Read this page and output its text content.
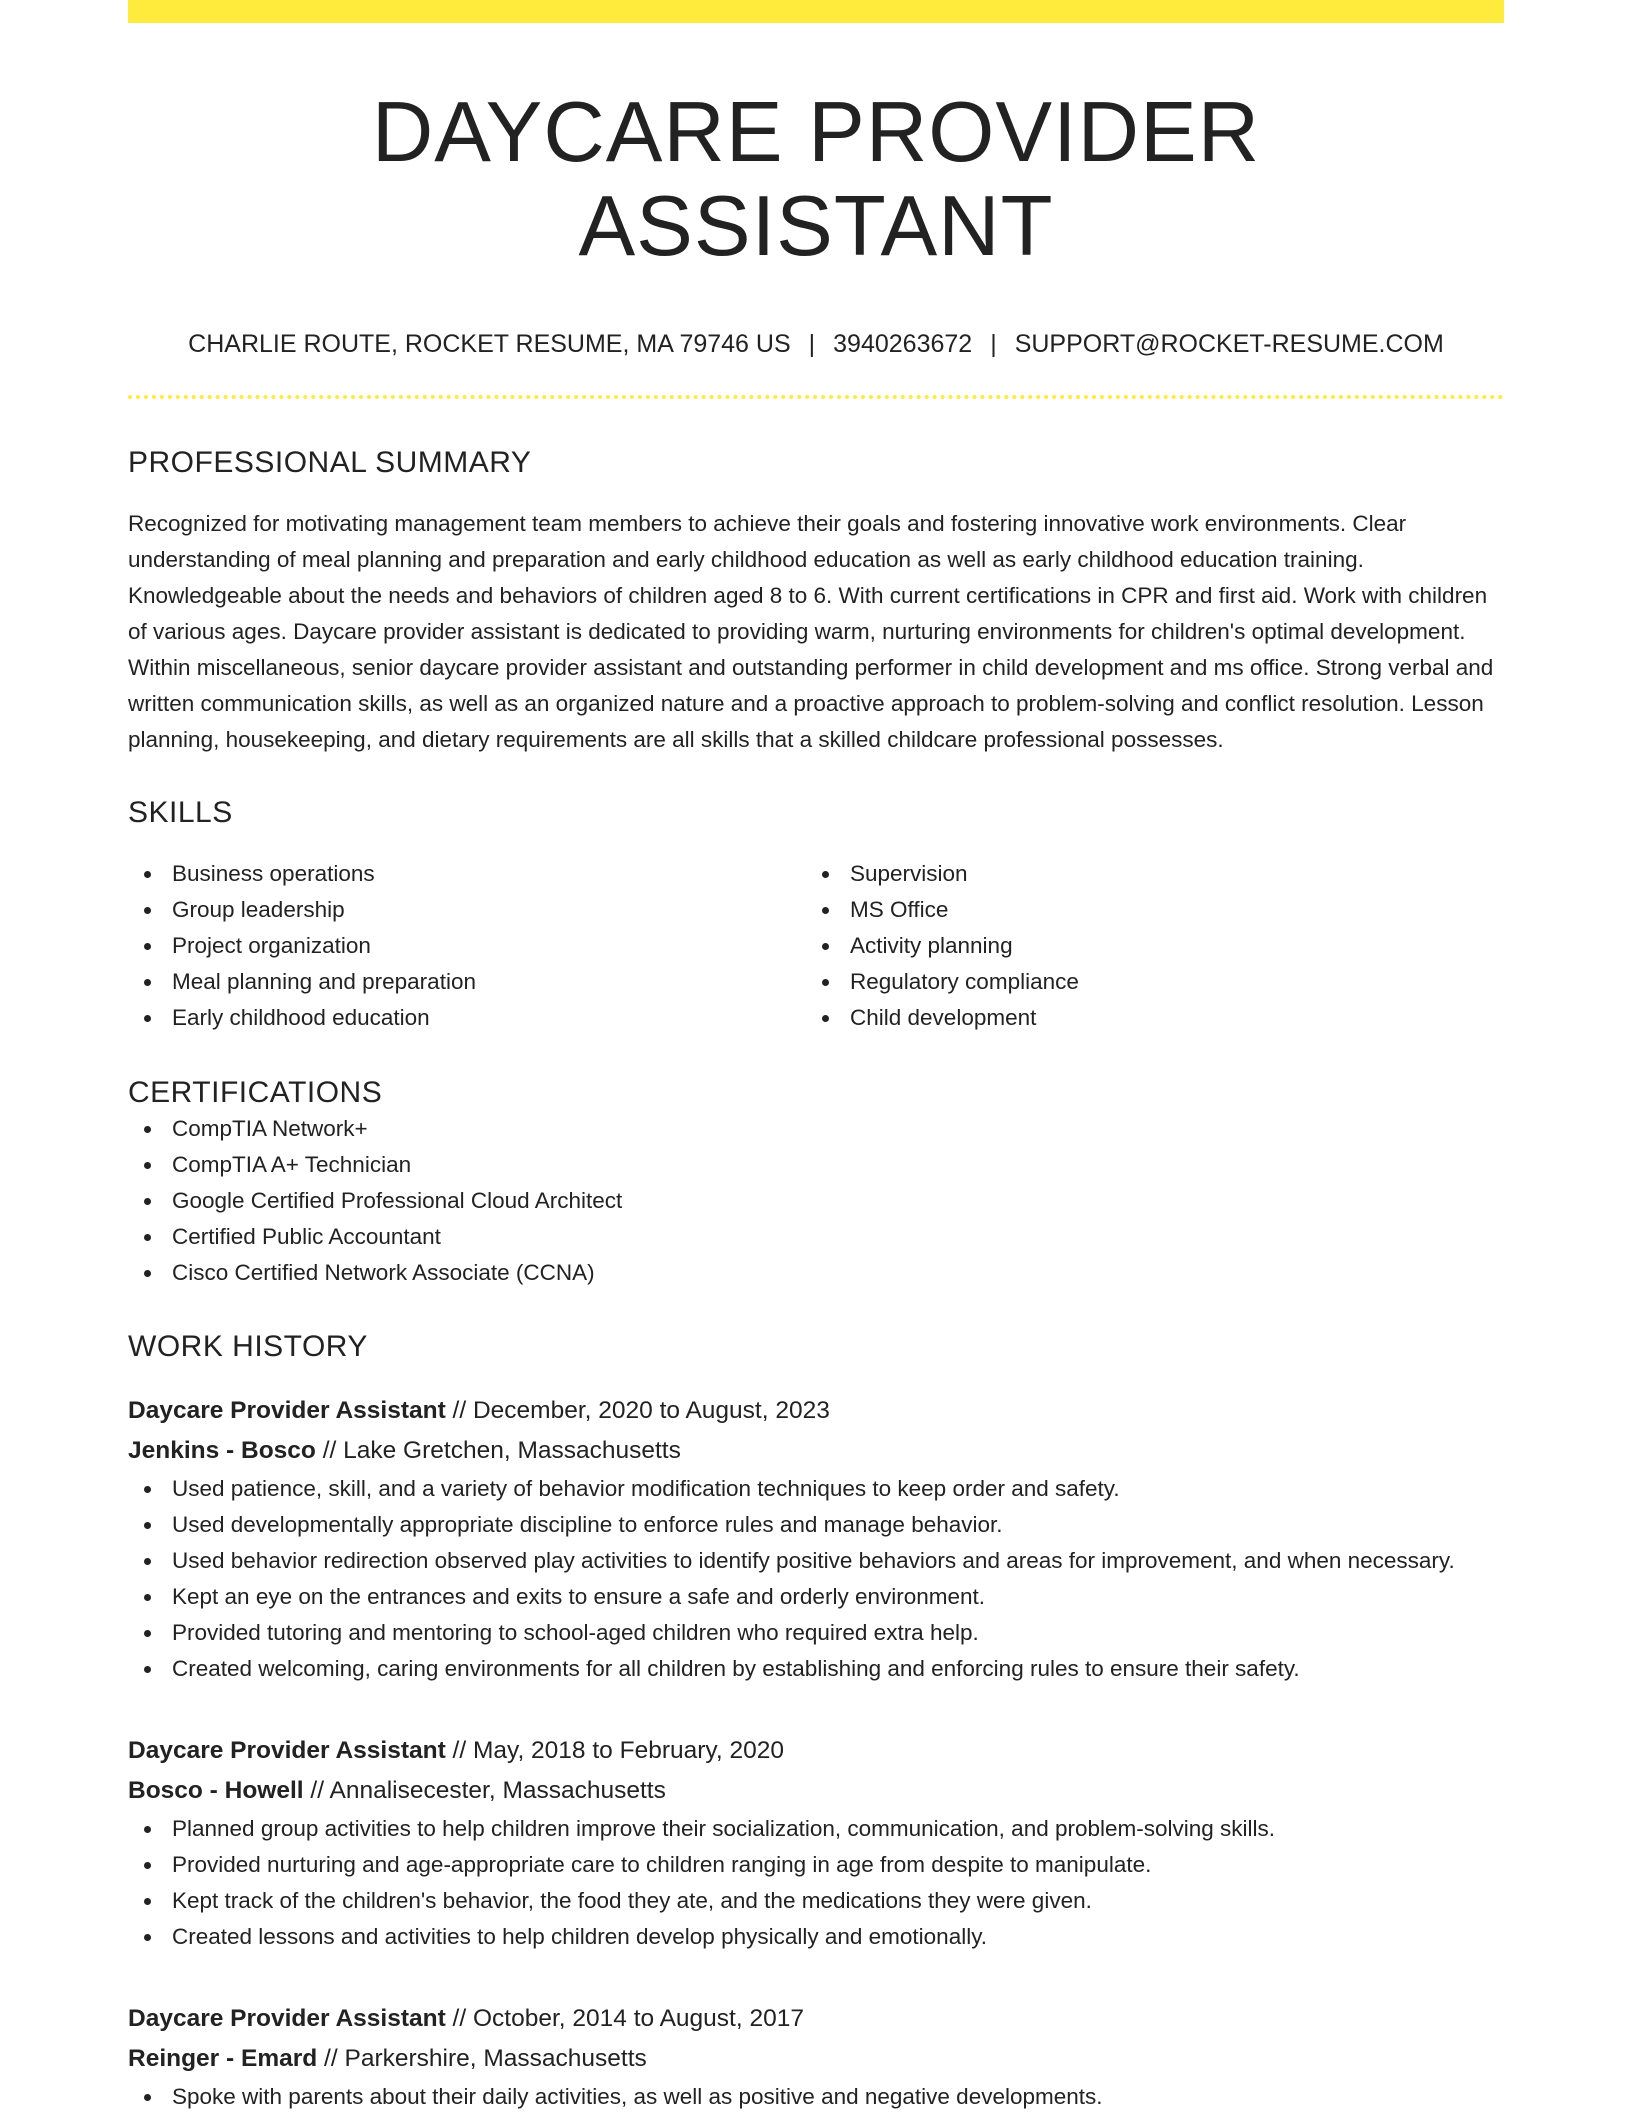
DAYCARE PROVIDER ASSISTANT
CHARLIE ROUTE, ROCKET RESUME, MA 79746 US | 3940263672 | SUPPORT@ROCKET-RESUME.COM
PROFESSIONAL SUMMARY

Recognized for motivating management team members to achieve their goals and fostering innovative work environments. Clear understanding of meal planning and preparation and early childhood education as well as early childhood education training. Knowledgeable about the needs and behaviors of children aged 8 to 6. With current certifications in CPR and first aid. Work with children of various ages. Daycare provider assistant is dedicated to providing warm, nurturing environments for children's optimal development. Within miscellaneous, senior daycare provider assistant and outstanding performer in child development and ms office. Strong verbal and written communication skills, as well as an organized nature and a proactive approach to problem-solving and conflict resolution. Lesson planning, housekeeping, and dietary requirements are all skills that a skilled childcare professional possesses.

SKILLS
Business operations
Group leadership
Project organization
Meal planning and preparation
Early childhood education
Supervision
MS Office
Activity planning
Regulatory compliance
Child development
CERTIFICATIONS
CompTIA Network+
CompTIA A+ Technician
Google Certified Professional Cloud Architect
Certified Public Accountant
Cisco Certified Network Associate (CCNA)
WORK HISTORY
Daycare Provider Assistant // December, 2020 to August, 2023
Jenkins - Bosco // Lake Gretchen, Massachusetts
Used patience, skill, and a variety of behavior modification techniques to keep order and safety.
Used developmentally appropriate discipline to enforce rules and manage behavior.
Used behavior redirection observed play activities to identify positive behaviors and areas for improvement, and when necessary.
Kept an eye on the entrances and exits to ensure a safe and orderly environment.
Provided tutoring and mentoring to school-aged children who required extra help.
Created welcoming, caring environments for all children by establishing and enforcing rules to ensure their safety.
Daycare Provider Assistant // May, 2018 to February, 2020
Bosco - Howell // Annalisecester, Massachusetts
Planned group activities to help children improve their socialization, communication, and problem-solving skills.
Provided nurturing and age-appropriate care to children ranging in age from despite to manipulate.
Kept track of the children's behavior, the food they ate, and the medications they were given.
Created lessons and activities to help children develop physically and emotionally.
Daycare Provider Assistant // October, 2014 to August, 2017
Reinger - Emard // Parkershire, Massachusetts
Spoke with parents about their daily activities, as well as positive and negative developments.
